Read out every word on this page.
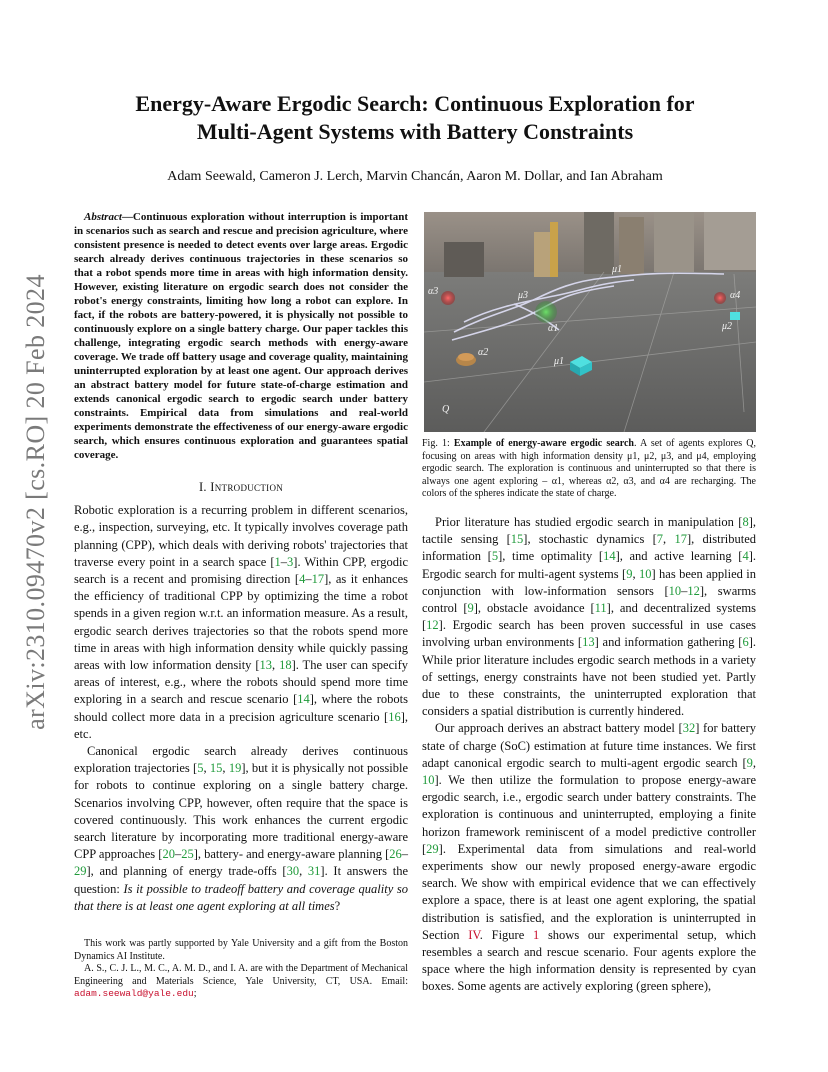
arXiv:2310.09470v2 [cs.RO] 20 Feb 2024
Energy-Aware Ergodic Search: Continuous Exploration for
Multi-Agent Systems with Battery Constraints
Adam Seewald, Cameron J. Lerch, Marvin Chancán, Aaron M. Dollar, and Ian Abraham

Abstract—Continuous exploration without interruption is important in scenarios such as search and rescue and precision agriculture, where consistent presence is needed to detect events over large areas. Ergodic search already derives continuous trajectories in these scenarios so that a robot spends more time in areas with high information density. However, existing literature on ergodic search does not consider the robot's energy constraints, limiting how long a robot can explore. In fact, if the robots are battery-powered, it is physically not possible to continuously explore on a single battery charge. Our paper tackles this challenge, integrating ergodic search methods with energy-aware coverage. We trade off battery usage and coverage quality, maintaining uninterrupted exploration by at least one agent. Our approach derives an abstract battery model for future state-of-charge estimation and extends canonical ergodic search to ergodic search under battery constraints. Empirical data from simulations and real-world experiments demonstrate the effectiveness of our energy-aware ergodic search, which ensures continuous exploration and guarantees spatial coverage.

I. Introduction

Robotic exploration is a recurring problem in different scenarios, e.g., inspection, surveying, etc. It typically involves coverage path planning (CPP), which deals with deriving robots' trajectories that traverse every point in a search space [1–3]. Within CPP, ergodic search is a recent and promising direction [4–17], as it enhances the efficiency of traditional CPP by optimizing the time a robot spends in a given region w.r.t. an information measure. As a result, ergodic search derives trajectories so that the robots spend more time in areas with high information density while quickly passing areas with low information density [13, 18]. The user can specify areas of interest, e.g., where the robots should spend more time exploring in a search and rescue scenario [14], where the robots should collect more data in a precision agriculture scenario [16], etc.

Canonical ergodic search already derives continuous exploration trajectories [5, 15, 19], but it is physically not possible for robots to continue exploring on a single battery charge. Scenarios involving CPP, however, often require that the space is covered continuously. This work enhances the current ergodic search literature by incorporating more traditional energy-aware CPP approaches [20–25], battery- and energy-aware planning [26–29], and planning of energy trade-offs [30, 31]. It answers the question: Is it possible to tradeoff battery and coverage quality so that there is at least one agent exploring at all times?

This work was partly supported by Yale University and a gift from the Boston Dynamics AI Institute.

A. S., C. J. L., M. C., A. M. D., and I. A. are with the Department of Mechanical Engineering and Materials Science, Yale University, CT, USA. Email: adam.seewald@yale.edu;

α3
α2
α1
α4
μ1
μ2
μ3
μ1
Q
Fig. 1: Example of energy-aware ergodic search. A set of agents explores Q, focusing on areas with high information density μ1, μ2, μ3, and μ4, employing ergodic search. The exploration is continuous and uninterrupted so that there is always one agent exploring – α1, whereas α2, α3, and α4 are recharging. The colors of the spheres indicate the state of charge.

Prior literature has studied ergodic search in manipulation [8], tactile sensing [15], stochastic dynamics [7, 17], distributed information [5], time optimality [14], and active learning [4]. Ergodic search for multi-agent systems [9, 10] has been applied in conjunction with low-information sensors [10–12], swarms control [9], obstacle avoidance [11], and decentralized systems [12]. Ergodic search has been proven successful in use cases involving urban environments [13] and information gathering [6]. While prior literature includes ergodic search methods in a variety of settings, energy constraints have not been studied yet. Partly due to these constraints, the uninterrupted exploration that considers a spatial distribution is currently hindered.

Our approach derives an abstract battery model [32] for battery state of charge (SoC) estimation at future time instances. We first adapt canonical ergodic search to multi-agent ergodic search [9, 10]. We then utilize the formulation to propose energy-aware ergodic search, i.e., ergodic search under battery constraints. The exploration is continuous and uninterrupted, employing a finite horizon framework reminiscent of a model predictive controller [29]. Experimental data from simulations and real-world experiments show our newly proposed energy-aware ergodic search. We show with empirical evidence that we can effectively explore a space, there is at least one agent exploring, the spatial distribution is satisfied, and the exploration is uninterrupted in Section IV. Figure 1 shows our experimental setup, which resembles a search and rescue scenario. Four agents explore the space where the high information density is represented by cyan boxes. Some agents are actively exploring (green sphere),
